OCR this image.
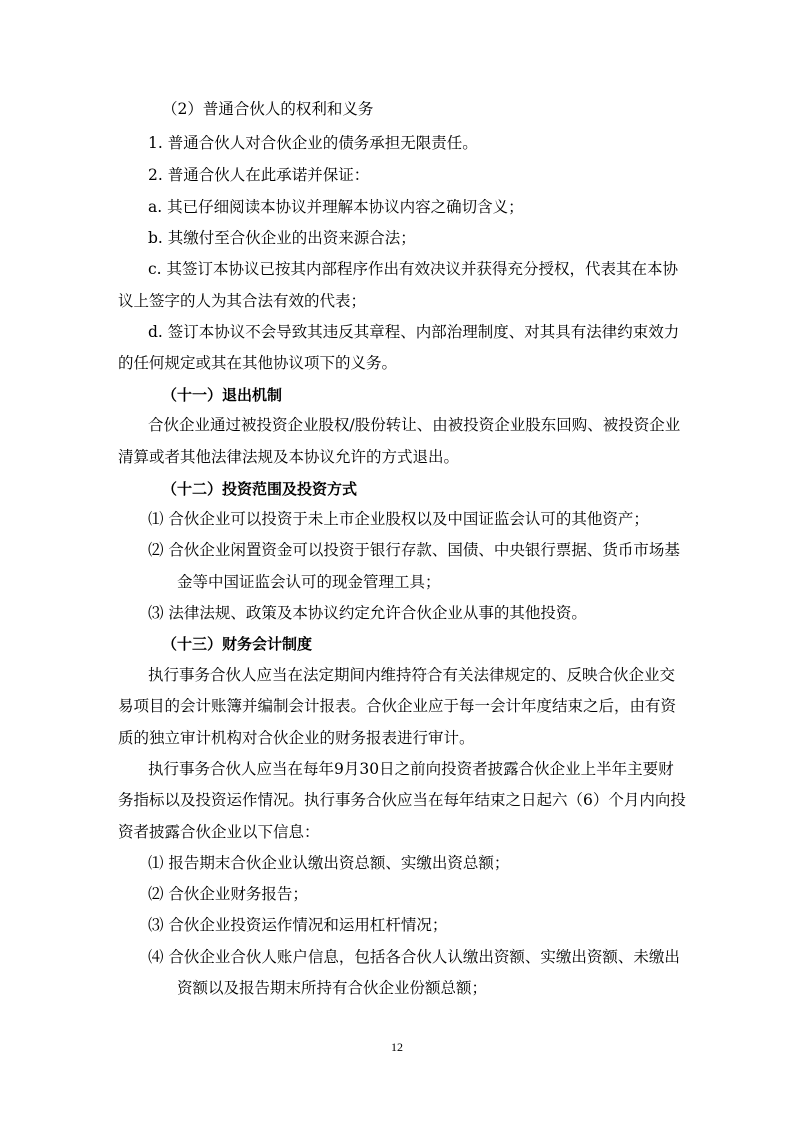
（2）普通合伙人的权利和义务

1. 普通合伙人对合伙企业的债务承担无限责任。

2. 普通合伙人在此承诺并保证：

a. 其已仔细阅读本协议并理解本协议内容之确切含义；

b. 其缴付至合伙企业的出资来源合法；

c. 其签订本协议已按其内部程序作出有效决议并获得充分授权，代表其在本协

议上签字的人为其合法有效的代表；

d. 签订本协议不会导致其违反其章程、内部治理制度、对其具有法律约束效力

的任何规定或其在其他协议项下的义务。

（十一）退出机制

合伙企业通过被投资企业股权/股份转让、由被投资企业股东回购、被投资企业

清算或者其他法律法规及本协议允许的方式退出。

（十二）投资范围及投资方式

⑴ 合伙企业可以投资于未上市企业股权以及中国证监会认可的其他资产；

⑵ 合伙企业闲置资金可以投资于银行存款、国债、中央银行票据、货币市场基

金等中国证监会认可的现金管理工具；

⑶ 法律法规、政策及本协议约定允许合伙企业从事的其他投资。

（十三）财务会计制度

执行事务合伙人应当在法定期间内维持符合有关法律规定的、反映合伙企业交

易项目的会计账簿并编制会计报表。合伙企业应于每一会计年度结束之后，由有资

质的独立审计机构对合伙企业的财务报表进行审计。

执行事务合伙人应当在每年9月30日之前向投资者披露合伙企业上半年主要财

务指标以及投资运作情况。执行事务合伙应当在每年结束之日起六（6）个月内向投

资者披露合伙企业以下信息：

⑴ 报告期末合伙企业认缴出资总额、实缴出资总额；

⑵ 合伙企业财务报告；

⑶ 合伙企业投资运作情况和运用杠杆情况；

⑷ 合伙企业合伙人账户信息，包括各合伙人认缴出资额、实缴出资额、未缴出

资额以及报告期末所持有合伙企业份额总额；

12
